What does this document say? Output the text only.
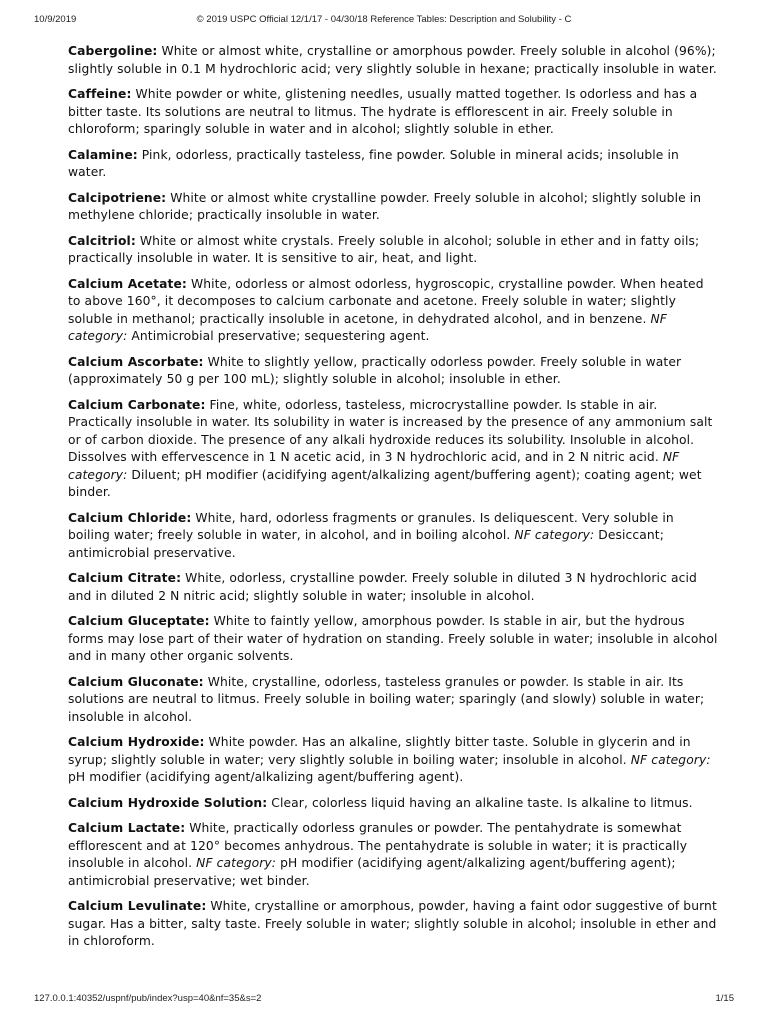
10/9/2019	© 2019 USPC Official 12/1/17 - 04/30/18 Reference Tables: Description and Solubility - C

Cabergoline: White or almost white, crystalline or amorphous powder. Freely soluble in alcohol (96%); slightly soluble in 0.1 M hydrochloric acid; very slightly soluble in hexane; practically insoluble in water.

Caffeine: White powder or white, glistening needles, usually matted together. Is odorless and has a bitter taste. Its solutions are neutral to litmus. The hydrate is efflorescent in air. Freely soluble in chloroform; sparingly soluble in water and in alcohol; slightly soluble in ether.

Calamine: Pink, odorless, practically tasteless, fine powder. Soluble in mineral acids; insoluble in water.

Calcipotriene: White or almost white crystalline powder. Freely soluble in alcohol; slightly soluble in methylene chloride; practically insoluble in water.

Calcitriol: White or almost white crystals. Freely soluble in alcohol; soluble in ether and in fatty oils; practically insoluble in water. It is sensitive to air, heat, and light.

Calcium Acetate: White, odorless or almost odorless, hygroscopic, crystalline powder. When heated to above 160°, it decomposes to calcium carbonate and acetone. Freely soluble in water; slightly soluble in methanol; practically insoluble in acetone, in dehydrated alcohol, and in benzene. NF category: Antimicrobial preservative; sequestering agent.

Calcium Ascorbate: White to slightly yellow, practically odorless powder. Freely soluble in water (approximately 50 g per 100 mL); slightly soluble in alcohol; insoluble in ether.

Calcium Carbonate: Fine, white, odorless, tasteless, microcrystalline powder. Is stable in air. Practically insoluble in water. Its solubility in water is increased by the presence of any ammonium salt or of carbon dioxide. The presence of any alkali hydroxide reduces its solubility. Insoluble in alcohol. Dissolves with effervescence in 1 N acetic acid, in 3 N hydrochloric acid, and in 2 N nitric acid. NF category: Diluent; pH modifier (acidifying agent/alkalizing agent/buffering agent); coating agent; wet binder.

Calcium Chloride: White, hard, odorless fragments or granules. Is deliquescent. Very soluble in boiling water; freely soluble in water, in alcohol, and in boiling alcohol. NF category: Desiccant; antimicrobial preservative.

Calcium Citrate: White, odorless, crystalline powder. Freely soluble in diluted 3 N hydrochloric acid and in diluted 2 N nitric acid; slightly soluble in water; insoluble in alcohol.

Calcium Gluceptate: White to faintly yellow, amorphous powder. Is stable in air, but the hydrous forms may lose part of their water of hydration on standing. Freely soluble in water; insoluble in alcohol and in many other organic solvents.

Calcium Gluconate: White, crystalline, odorless, tasteless granules or powder. Is stable in air. Its solutions are neutral to litmus. Freely soluble in boiling water; sparingly (and slowly) soluble in water; insoluble in alcohol.

Calcium Hydroxide: White powder. Has an alkaline, slightly bitter taste. Soluble in glycerin and in syrup; slightly soluble in water; very slightly soluble in boiling water; insoluble in alcohol. NF category: pH modifier (acidifying agent/alkalizing agent/buffering agent).

Calcium Hydroxide Solution: Clear, colorless liquid having an alkaline taste. Is alkaline to litmus.

Calcium Lactate: White, practically odorless granules or powder. The pentahydrate is somewhat efflorescent and at 120° becomes anhydrous. The pentahydrate is soluble in water; it is practically insoluble in alcohol. NF category: pH modifier (acidifying agent/alkalizing agent/buffering agent); antimicrobial preservative; wet binder.

Calcium Levulinate: White, crystalline or amorphous, powder, having a faint odor suggestive of burnt sugar. Has a bitter, salty taste. Freely soluble in water; slightly soluble in alcohol; insoluble in ether and in chloroform.

127.0.0.1:40352/uspnf/pub/index?usp=40&nf=35&s=2	1/15
